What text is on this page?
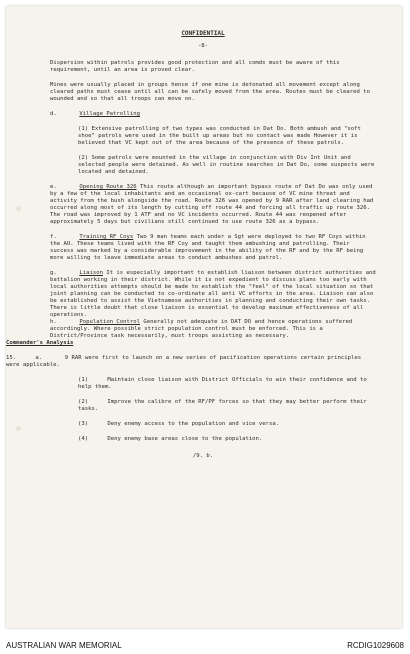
CONFIDENTIAL
-8-

Dispersion within patrols provides good protection and all comds must be aware of this requirement, until an area is proved clear.

Mines were usually placed in groups hence if one mine is detonated all movement except along cleared paths must cease until all can be safely moved from the area. Routes must be cleared to wounded and so that all troops can move on.

d.	Village Patrolling

(1) Extensive patrolling of two types was conducted in Dat Do. Both ambush and "soft shoe" patrols were used in the built up areas but no contact was made However it is believed that VC kept out of the area because of the presence of these patrols.

(2) Some patrols were mounted in the village in conjunction with Div Int Unit and selected people were detained. As well in routine searches in Dat Do, some suspects were located and detained.

e.	Opening Route 326 This route although an important bypass route of Dat Do was only used by a few of the local inhabitants and an occasional ox-cart because of VC mine threat and activity from the bush alongside the road. Route 326 was opened by 9 RAR after land clearing had occurred along most of its length by cutting off route 44 and forcing all traffic up route 326. The road was improved by 1 ATF and no VC incidents occurred. Route 44 was reopened after approximately 5 days but civilians still continued to use route 326 as a bypass.

f.	Training RF Coys Two 9 man teams each under a Sgt were deployed to two RF Coys within the AO. These teams lived with the RF Coy and taught them ambushing and patrolling. Their success was marked by a considerable improvement in the ability of the RF and by the RF being more willing to leave immediate areas to conduct ambushes and patrol.

g.	Liaison It is especially important to establish liaison between district authorities and battalion working in their district. While it is not expedient to discuss plans too early with local authorities attempts should be made to establish the "feel" of the local situation so that joint planning can be conducted to co-ordinate all anti VC efforts in the area. Liaison can also be established to assist the Vietnamese authorities in planning and conducting their own tasks. There is little doubt that close liaison is essential to develop maximum effectiveness of all operations.

h.	Population Control Generally not adequate in DAT DO and hence operations suffered accordingly. Where possible strict population control must be enforced. This is a District/Province task necessarily, must troops assisting as necessary.

Commander's Analysis

15.	a.	9 RAR were first to launch on a new series of pacification operations certain principles were applicable.

(1)	Maintain close liaison with District Officials to win their confidence and to help them.

(2)	Improve the calibre of the RF/PF forces so that they may better perform their tasks.

(3)	Deny enemy access to the population and vice versa.

(4)	Deny enemy base areas close to the population.

/9. b.
AUSTRALIAN WAR MEMORIAL	RCDIG1029608
